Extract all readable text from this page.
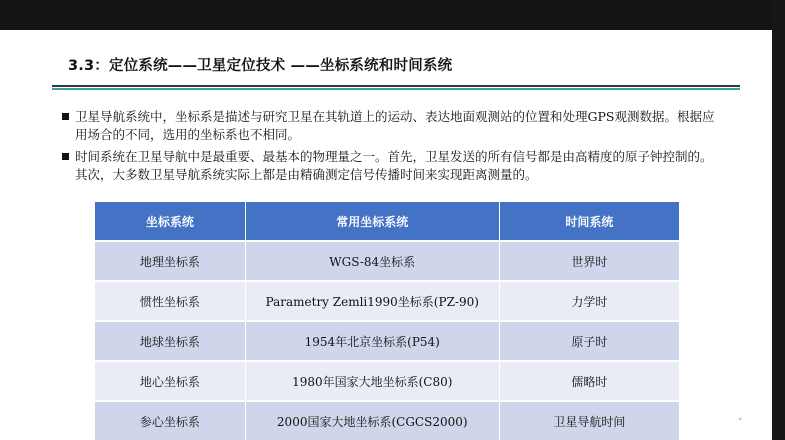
3.3：定位系统——卫星定位技术 ——坐标系统和时间系统
卫星导航系统中，坐标系是描述与研究卫星在其轨道上的运动、表达地面观测站的位置和处理GPS观测数据。根据应用场合的不同，选用的坐标系也不相同。
时间系统在卫星导航中是最重要、最基本的物理量之一。首先，卫星发送的所有信号都是由高精度的原子钟控制的。其次，大多数卫星导航系统实际上都是由精确测定信号传播时间来实现距离测量的。
坐标系统	常用坐标系统	时间系统
地理坐标系	WGS-84坐标系	世界时
惯性坐标系	Parametry Zemli1990坐标系(PZ-90)	力学时
地球坐标系	1954年北京坐标系(P54)	原子时
地心坐标系	1980年国家大地坐标系(C80)	儒略时
参心坐标系	2000国家大地坐标系(CGCS2000)	卫星导航时间	˅
